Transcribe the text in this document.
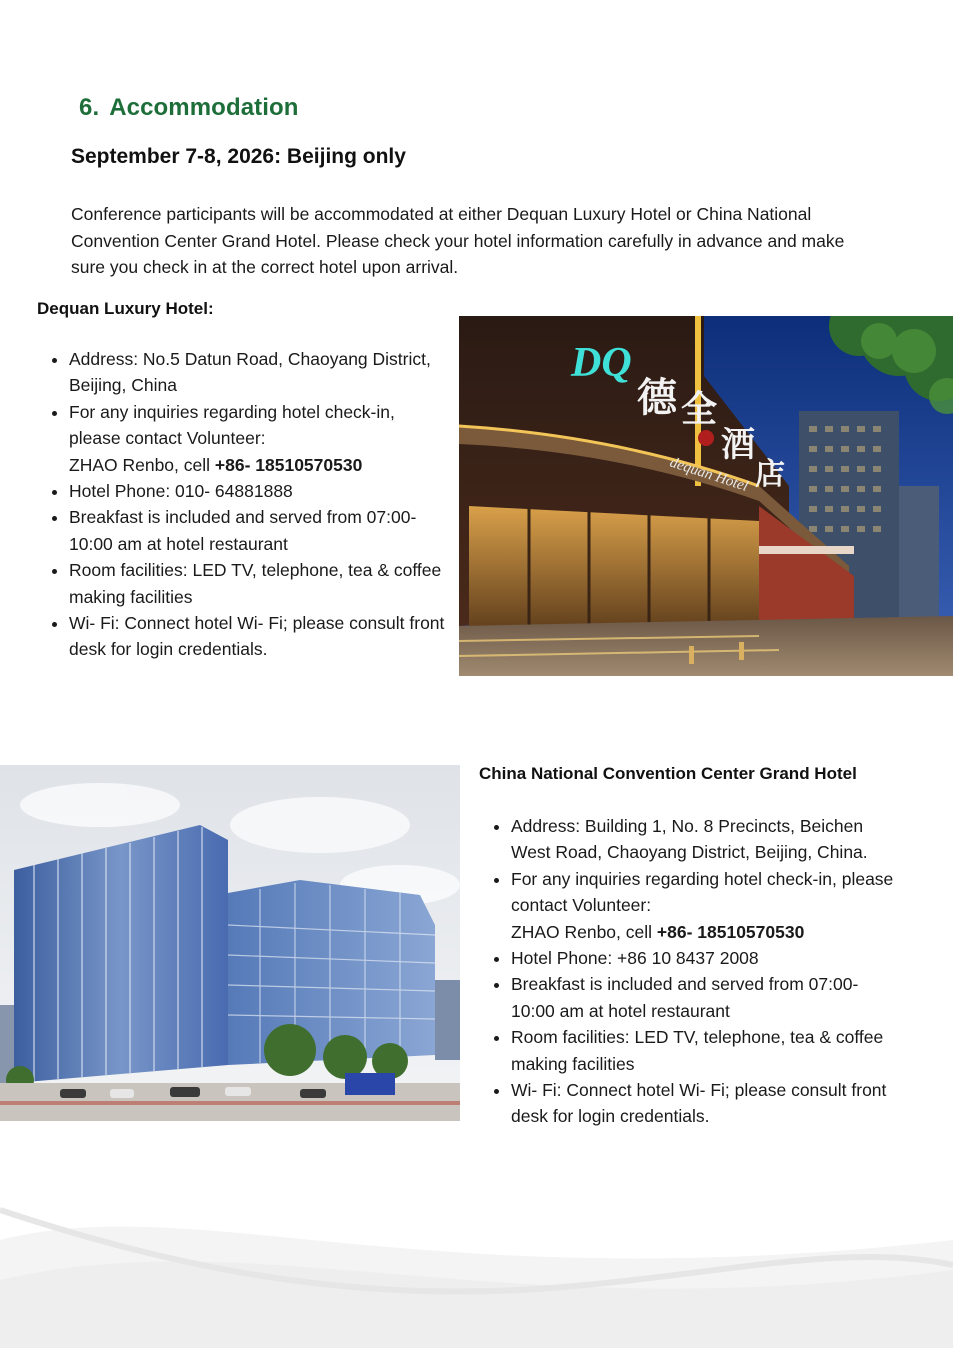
6. Accommodation
September 7-8, 2026: Beijing only

Conference participants will be accommodated at either Dequan Luxury Hotel or China National Convention Center Grand Hotel. Please check your hotel information carefully in advance and make sure you check in at the correct hotel upon arrival.

Dequan Luxury Hotel:

• Address: No.5 Datun Road, Chaoyang District, Beijing, China
• For any inquiries regarding hotel check-in, please contact Volunteer:
ZHAO Renbo, cell +86- 18510570530
• Hotel Phone: 010- 64881888
• Breakfast is included and served from 07:00- 10:00 am at hotel restaurant
• Room facilities: LED TV, telephone, tea & coffee making facilities
• Wi- Fi: Connect hotel Wi- Fi; please consult front desk for login credentials.
DQ
德 全
酒
店
dequan Hotel

China National Convention Center Grand Hotel

• Address: Building 1, No. 8 Precincts, Beichen West Road, Chaoyang District, Beijing, China.
• For any inquiries regarding hotel check-in, please contact Volunteer:
ZHAO Renbo, cell +86- 18510570530
• Hotel Phone: +86 10 8437 2008
• Breakfast is included and served from 07:00- 10:00 am at hotel restaurant
• Room facilities: LED TV, telephone, tea & coffee making facilities
• Wi- Fi: Connect hotel Wi- Fi; please consult front desk for login credentials.
